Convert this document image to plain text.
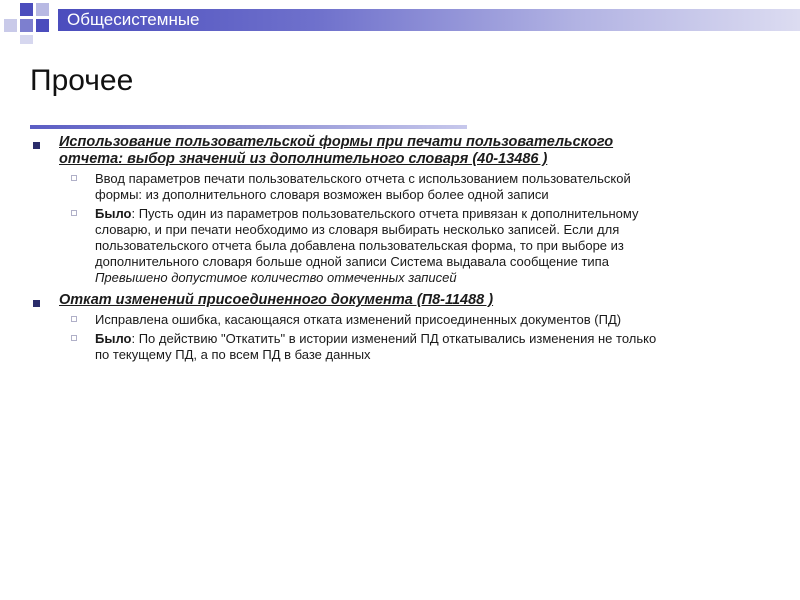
Общесистемные
Прочее
Использование пользовательской формы при печати пользовательского
отчета: выбор значений из дополнительного словаря (40-13486 )
Ввод параметров печати пользовательского отчета с использованием пользовательской
формы: из дополнительного словаря возможен выбор более одной записи
Было: Пусть один из параметров пользовательского отчета привязан к дополнительному
словарю, и при печати необходимо из словаря выбирать несколько записей. Если для
пользовательского отчета была добавлена пользовательская форма, то при выборе из
дополнительного словаря больше одной записи Система выдавала сообщение типа
Превышено допустимое количество отмеченных записей
Откат изменений присоединенного документа (П8-11488 )
Исправлена ошибка, касающаяся отката изменений присоединенных документов (ПД)
Было: По действию "Откатить" в истории изменений ПД откатывались изменения не только
по текущему ПД, а по всем ПД в базе данных
